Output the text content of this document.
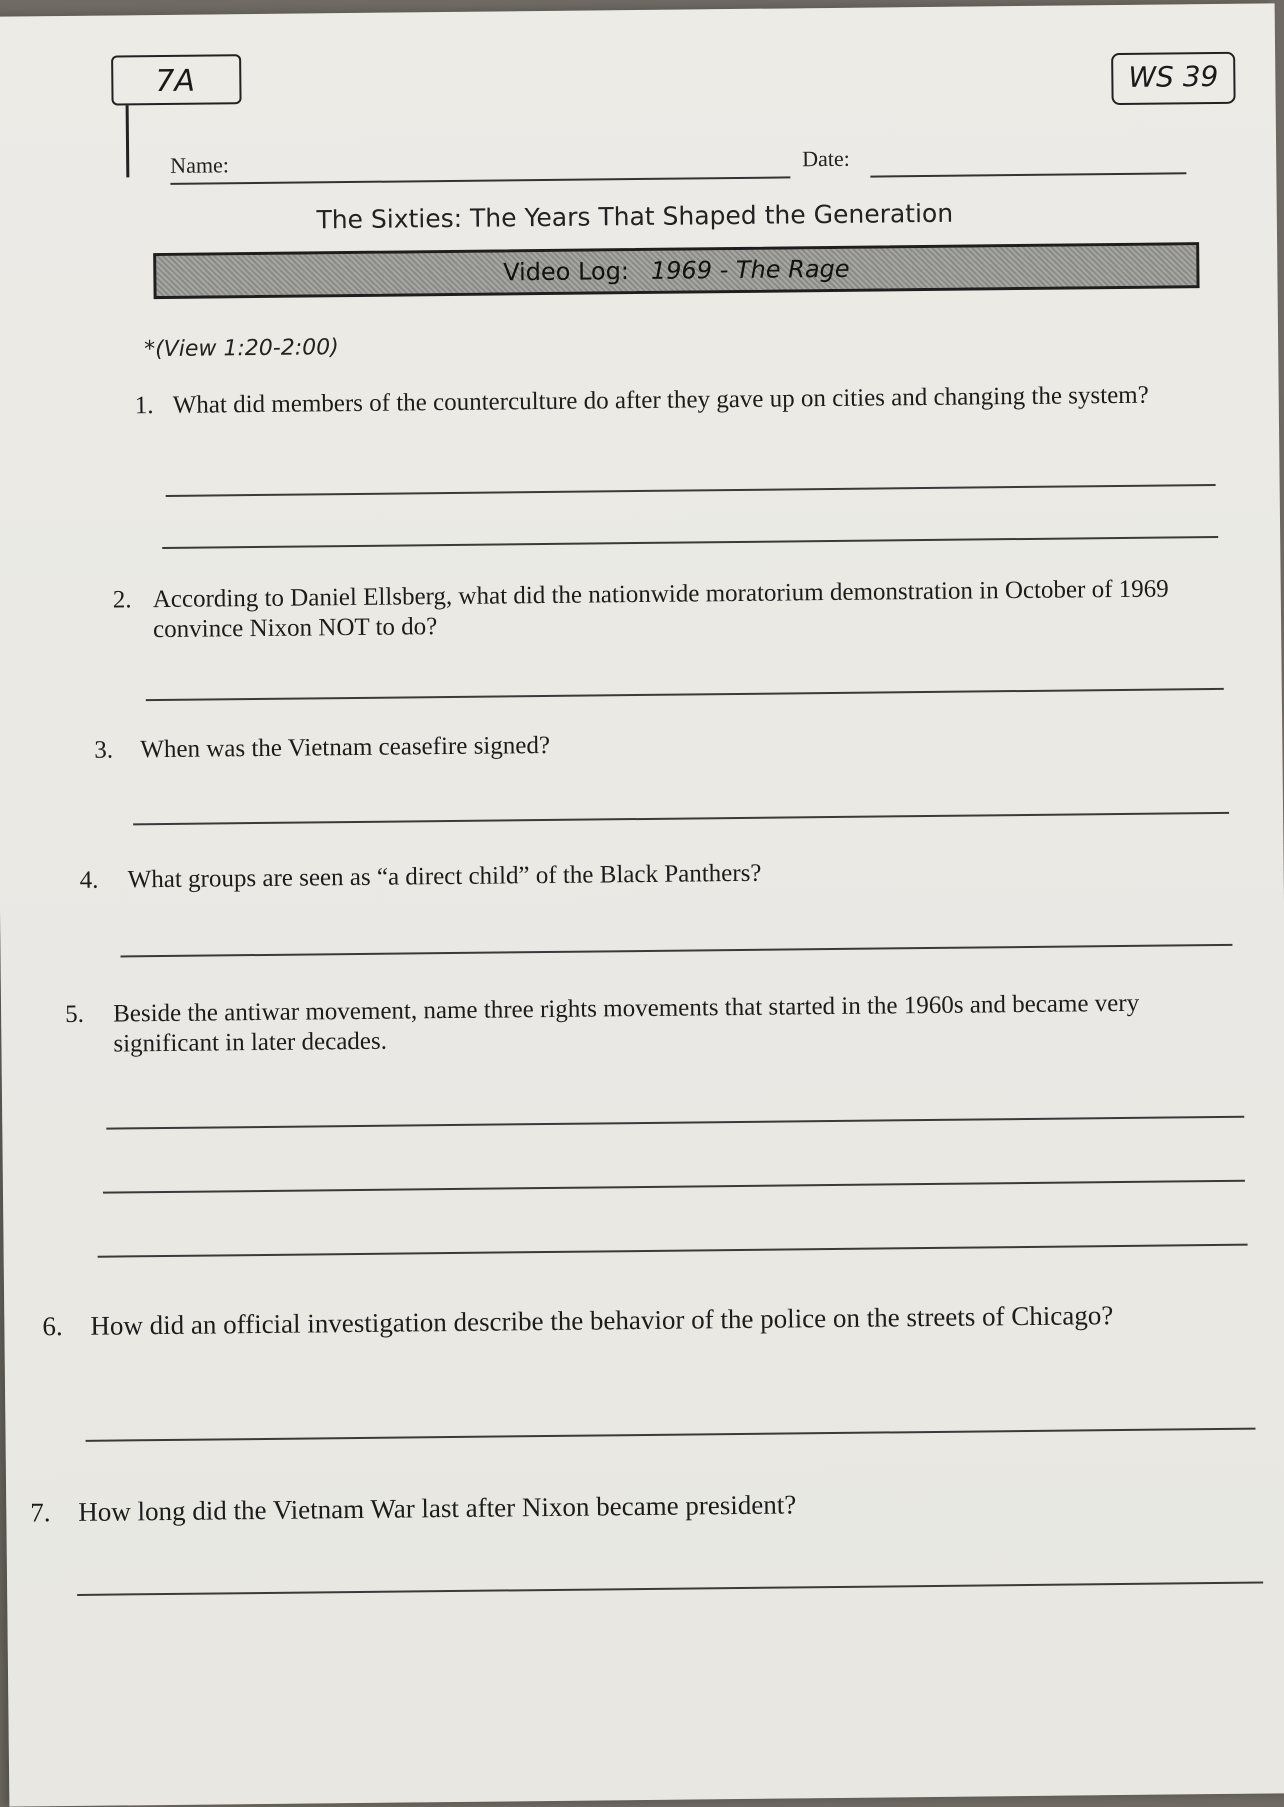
7A	WS 39
Name:	Date:
The Sixties: The Years That Shaped the Generation
Video Log: 1969 - The Rage
*(View 1:20-2:00)
1. What did members of the counterculture do after they gave up on cities and changing the system?
2. According to Daniel Ellsberg, what did the nationwide moratorium demonstration in October of 1969 convince Nixon NOT to do?
3.	When was the Vietnam ceasefire signed?
4.	What groups are seen as “a direct child” of the Black Panthers?
5.	Beside the antiwar movement, name three rights movements that started in the 1960s and became very significant in later decades.
6.	How did an official investigation describe the behavior of the police on the streets of Chicago?
7.	How long did the Vietnam War last after Nixon became president?
